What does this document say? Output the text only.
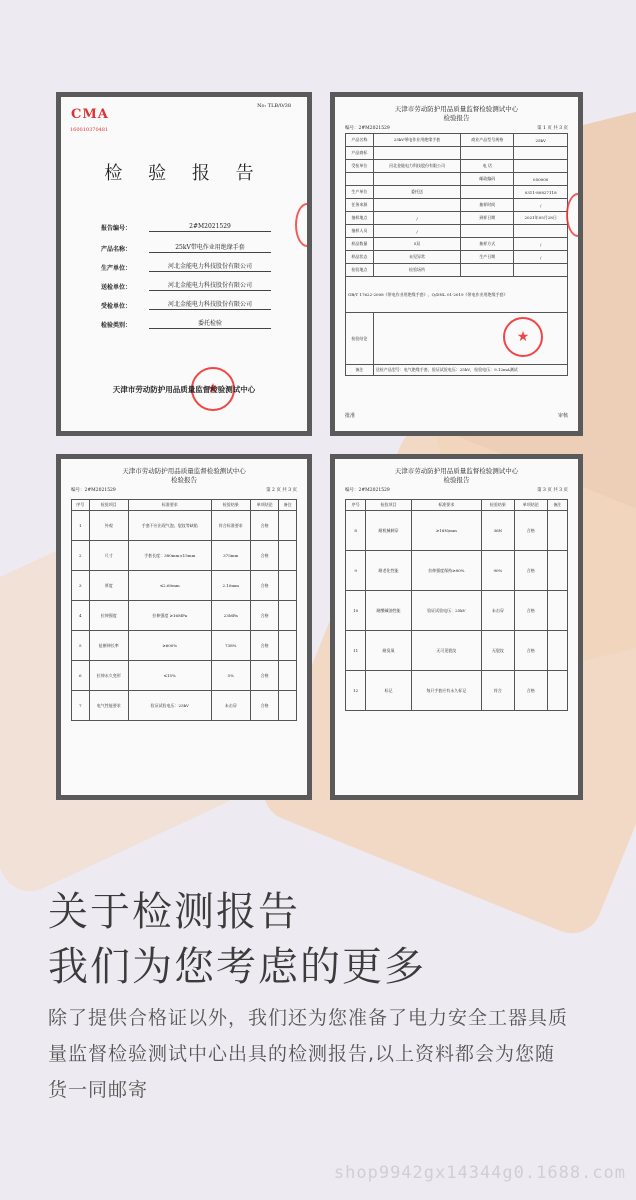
CMA
160010370481
No: TLB/0/38
检 验 报 告
报告编号：	2#M2021529
产品名称：	25kV带电作业用绝缘手套
生产单位：	河北金能电力科技股份有限公司
送检单位：	河北金能电力科技股份有限公司
受检单位：	河北金能电力科技股份有限公司
检验类别：	委托检验
★
天津市劳动防护用品质量监督检验测试中心
天津市劳动防护用品质量监督检验测试中心
检验报告
编号：2#M2021529	第 1 页 共 3 页
产品名称	25kV带电作业用绝缘手套	商业产品型号规格	25kV
产品商标			
受检单位	河北金能电力科技股份有限公司	电 话	
		邮政编码	050000
生产单位	委托送		0311-80827118
任务来源		抽样时间	/
抽样地点	/	到样日期	2021年05月28日
抽样人员	/		
样品数量	5双	抽样方式	/
样品状态	未见异常	生产日期	/
检验地点	检验场所		
GB/T 17622-2008《带电作业用绝缘手套》、Q/DNL 01-2019《带电作业用绝缘手套》			
检验结论	
★

备注	送检产品型号：电气绝缘手套，验证试验电压：25kV，检验电压：9.12mA测试		
批准	审核
天津市劳动防护用品质量监督检验测试中心
检验报告
编号：2#M2021529	第 2 页 共 3 页
序号	检验项目	标准要求	检验结果	单项结论	备注
1	外观	手套不应出现气泡、裂纹等缺陷	符合标准要求	合格	
2	尺寸	手套长度：380mm±15mm	375mm	合格	
3	厚度	≤2.60mm	2.10mm	合格	
4	拉伸强度	拉伸强度 ≥16MPa	23MPa	合格	
5	扯断伸长率	≥600%	738%	合格	
6	拉伸永久变形	≤15%	5%	合格	
7	电气性能要求	验证试验电压：25kV	未击穿	合格	
天津市劳动防护用品质量监督检验测试中心
检验报告
编号：2#M2021529	第 3 页 共 3 页
序号	检验项目	标准要求	检验结果	单项结论	备注
8	耐机械刺穿	≥18N/mm	36N	合格	
9	耐老化性能	拉伸强度保持≥80%	90%	合格	
10	耐酸碱油性能	验证试验电压：25kV	未击穿	合格	
11	耐臭氧	无可见裂纹	无裂纹	合格	
12	标记	每只手套应有永久标记	符合	合格	
关于检测报告
我们为您考虑的更多
除了提供合格证以外，我们还为您准备了电力安全工器具质量监督检验测试中心出具的检测报告,以上资料都会为您随货一同邮寄
shop9942gx14344g0.1688.com
